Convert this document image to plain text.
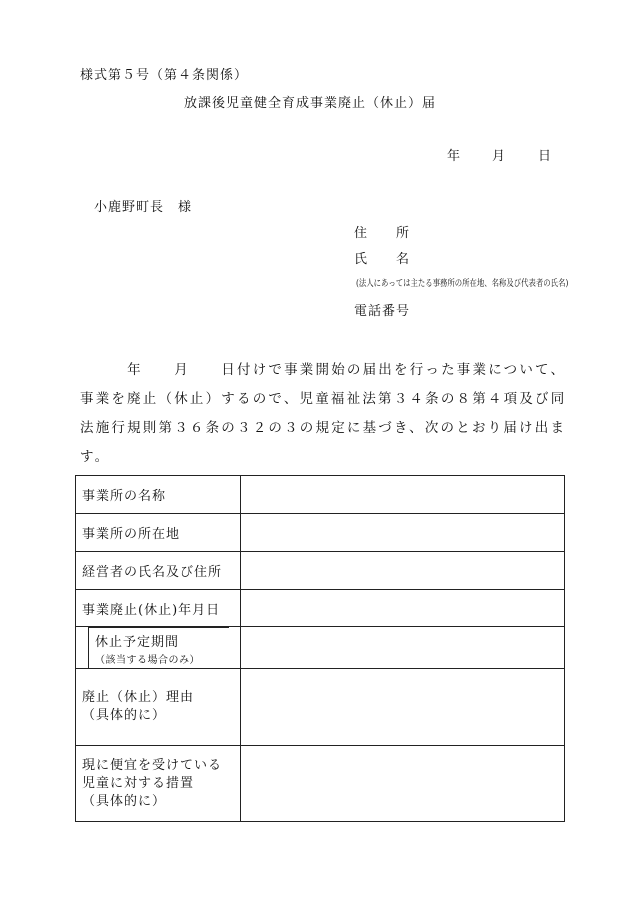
様式第５号（第４条関係）
放課後児童健全育成事業廃止（休止）届
年 月 日
小鹿野町長　様
住　　所
氏　　名
(法人にあっては主たる事務所の所在地、名称及び代表者の氏名)
電話番号
　　　年　　月　　日付けで事業開始の届出を行った事業について、
事業を廃止（休止）するので、児童福祉法第３４条の８第４項及び同
法施行規則第３６条の３２の３の規定に基づき、次のとおり届け出ま
す。
事業所の名称	
事業所の所在地	
経営者の氏名及び住所	
事業廃止(休止)年月日	

休止予定期間
（該当する場合のみ）	

廃止（休止）理由
（具体的に）	

現に便宜を受けている
児童に対する措置
（具体的に）	
